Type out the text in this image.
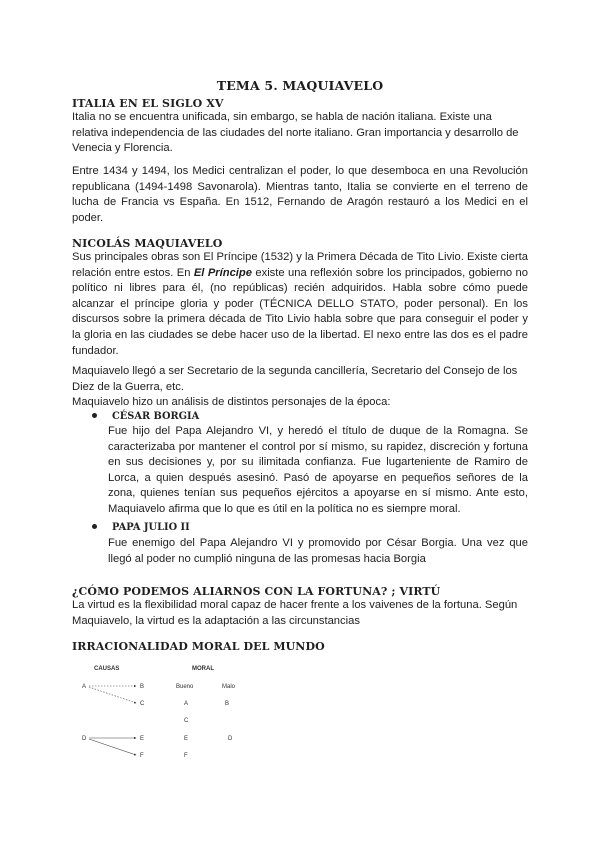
TEMA 5. MAQUIAVELO
ITALIA EN EL SIGLO XV

Italia no se encuentra unificada, sin embargo, se habla de nación italiana. Existe una relativa independencia de las ciudades del norte italiano. Gran importancia y desarrollo de Venecia y Florencia.

Entre 1434 y 1494, los Medici centralizan el poder, lo que desemboca en una Revolución republicana (1494-1498 Savonarola). Mientras tanto, Italia se convierte en el terreno de lucha de Francia vs España. En 1512, Fernando de Aragón restauró a los Medici en el poder.

NICOLÁS MAQUIAVELO

Sus principales obras son El Príncipe (1532) y la Primera Década de Tito Livio. Existe cierta relación entre estos. En El Príncipe existe una reflexión sobre los principados, gobierno no político ni libres para él, (no repúblicas) recién adquiridos. Habla sobre cómo puede alcanzar el príncipe gloria y poder (TÉCNICA DELLO STATO, poder personal). En los discursos sobre la primera década de Tito Livio habla sobre que para conseguir el poder y la gloria en las ciudades se debe hacer uso de la libertad. El nexo entre las dos es el padre fundador.

Maquiavelo llegó a ser Secretario de la segunda cancillería, Secretario del Consejo de los Diez de la Guerra, etc.

Maquiavelo hizo un análisis de distintos personajes de la época:

CÉSAR BORGIA

Fue hijo del Papa Alejandro VI, y heredó el título de duque de la Romagna. Se caracterizaba por mantener el control por sí mismo, su rapidez, discreción y fortuna en sus decisiones y, por su ilimitada confianza. Fue lugarteniente de Ramiro de Lorca, a quien después asesinó. Pasó de apoyarse en pequeños señores de la zona, quienes tenían sus pequeños ejércitos a apoyarse en sí mismo. Ante esto, Maquiavelo afirma que lo que es útil en la política no es siempre moral.

PAPA JULIO II

Fue enemigo del Papa Alejandro VI y promovido por César Borgia. Una vez que llegó al poder no cumplió ninguna de las promesas hacia Borgia

¿CÓMO PODEMOS ALIARNOS CON LA FORTUNA? ; VIRTÚ

La virtud es la flexibilidad moral capaz de hacer frente a los vaivenes de la fortuna. Según Maquiavelo, la virtud es la adaptación a las circunstancias

IRRACIONALIDAD MORAL DEL MUNDO
CAUSAS	MORAL
Bueno	Malo
A	B
C
D	E
F
A	B
C
E	D
F
